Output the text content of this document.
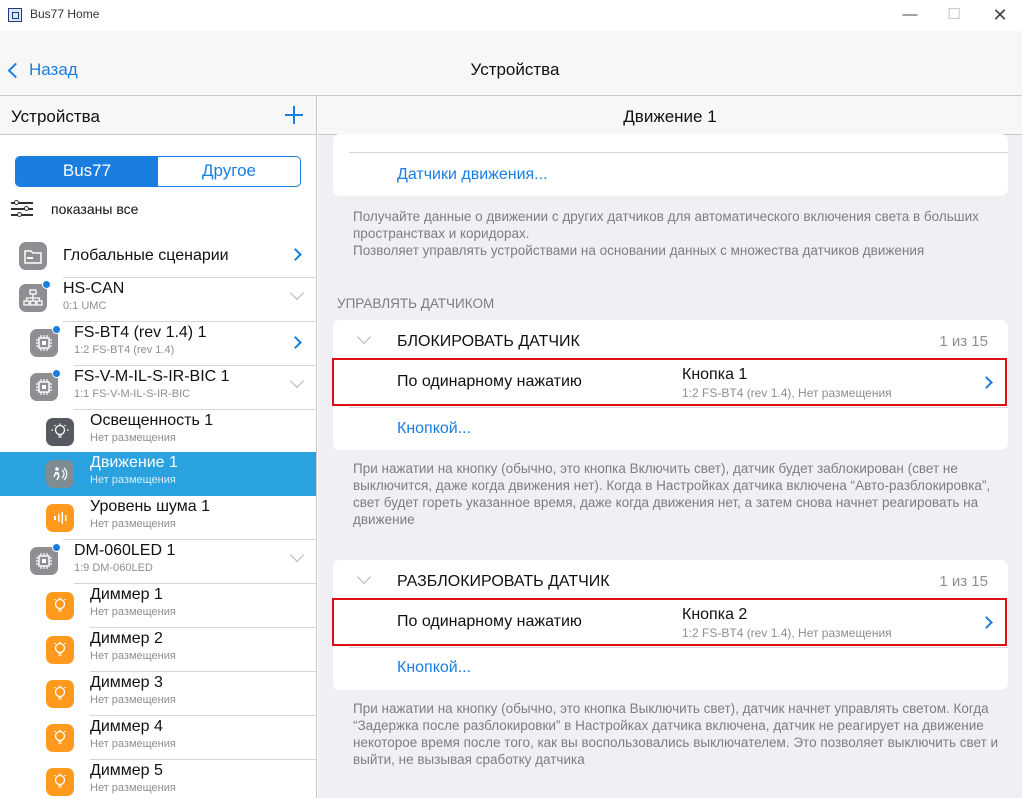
Bus77 Home	—	☐ ✕
Назад	Устройства
Устройства
Bus77	Другое
показаны все
Глобальные сценарии
HS-CAN
0:1 UMC
FS-BT4 (rev 1.4) 1
1:2 FS-BT4 (rev 1.4)
FS-V-M-IL-S-IR-BIC 1
1:1 FS-V-M-IL-S-IR-BIC
Освещенность 1
Нет размещения
Движение 1
Нет размещения
Уровень шума 1
Нет размещения
DM-060LED 1
1:9 DM-060LED
Диммер 1
Нет размещения
Диммер 2
Нет размещения
Диммер 3
Нет размещения
Диммер 4
Нет размещения
Диммер 5
Нет размещения
Движение 1
Датчики движения...
Получайте данные о движении с других датчиков для автоматического включения света в больших пространствах и коридорах.
Позволяет управлять устройствами на основании данных с множества датчиков движения
УПРАВЛЯТЬ ДАТЧИКОМ
БЛОКИРОВАТЬ ДАТЧИК	1 из 15
Кнопкой...
По одинарному нажатию	Кнопка 1
1:2 FS-BT4 (rev 1.4), Нет размещения
При нажатии на кнопку (обычно, это кнопка Включить свет), датчик будет заблокирован (свет не выключится, даже когда движения нет). Когда в Настройках датчика включена “Авто-разблокировка”, свет будет гореть указанное время, даже когда движения нет, а затем снова начнет реагировать на движение
РАЗБЛОКИРОВАТЬ ДАТЧИК	1 из 15
Кнопкой...
По одинарному нажатию	Кнопка 2
1:2 FS-BT4 (rev 1.4), Нет размещения
При нажатии на кнопку (обычно, это кнопка Выключить свет), датчик начнет управлять светом. Когда “Задержка после разблокировки” в Настройках датчика включена, датчик не реагирует на движение некоторое время после того, как вы воспользовались выключателем. Это позволяет выключить свет и выйти, не вызывая сработку датчика
